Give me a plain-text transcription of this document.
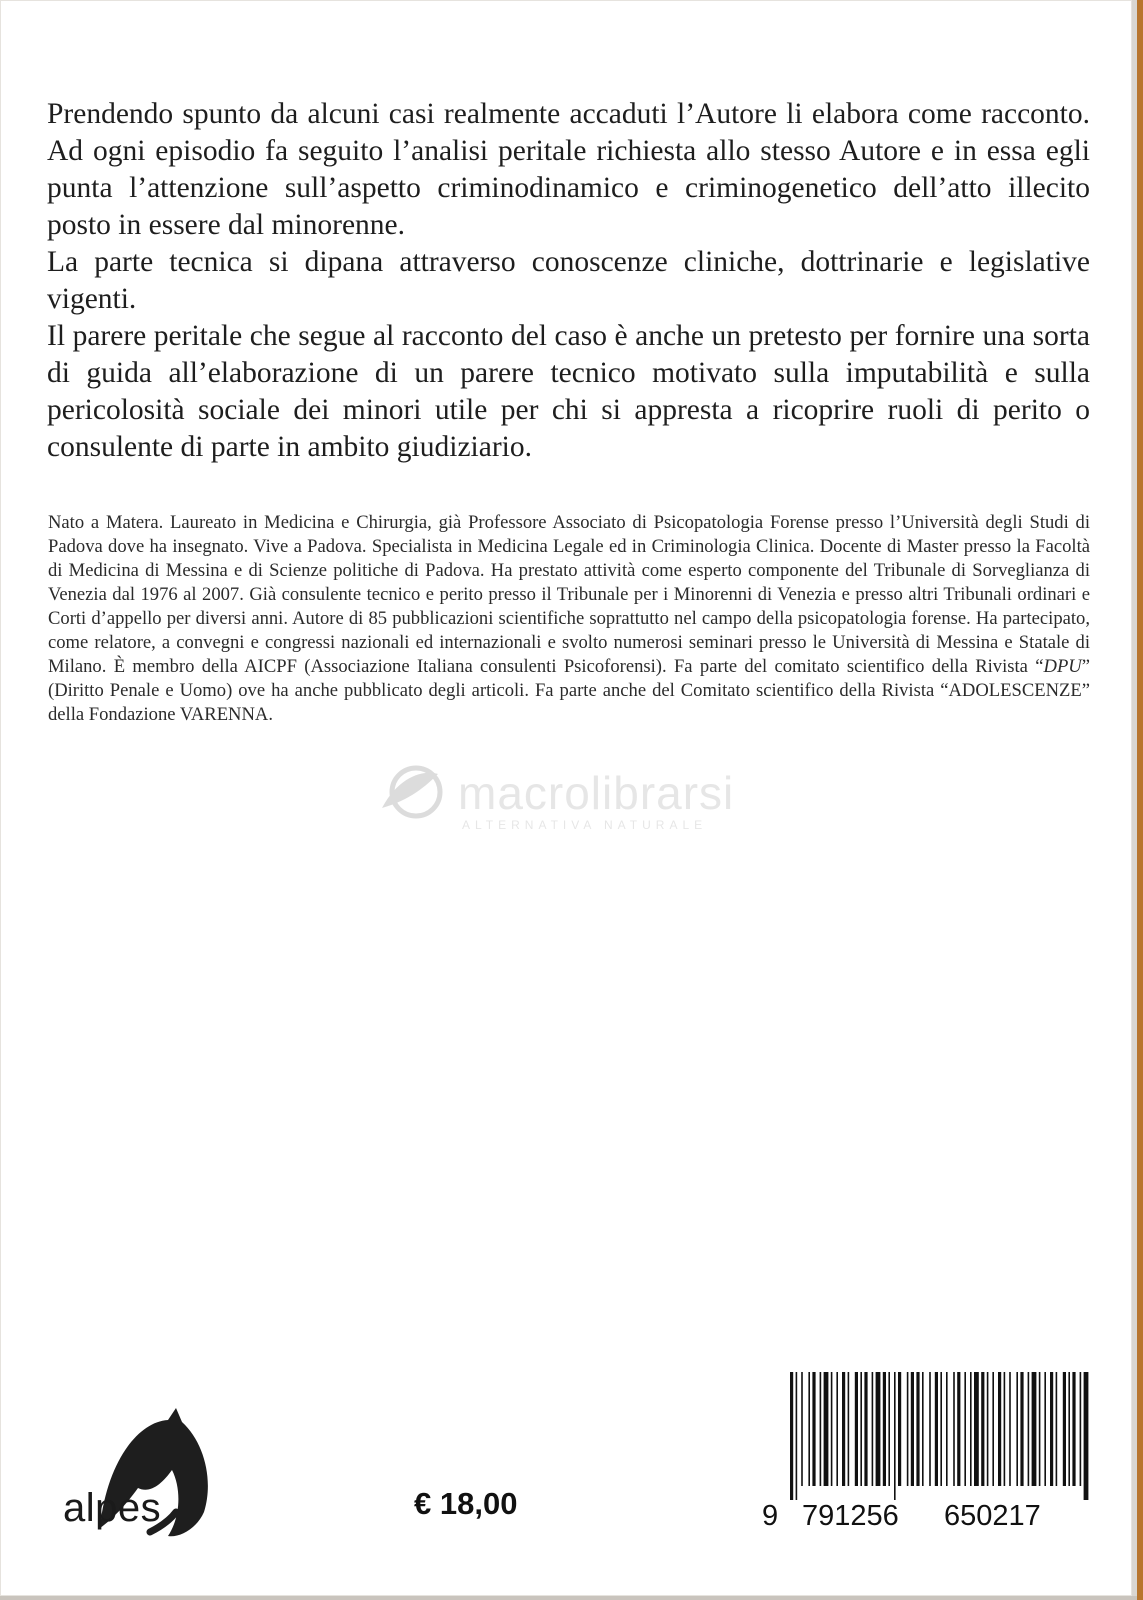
Prendendo spunto da alcuni casi realmente accaduti l’Autore li elabora come racconto. Ad ogni episodio fa seguito l’analisi peritale richiesta allo stesso Autore e in essa egli punta l’attenzione sull’aspetto criminodinamico e criminogenetico dell’atto illecito posto in essere dal minorenne.

La parte tecnica si dipana attraverso conoscenze cliniche, dottrinarie e legislative vigenti.

Il parere peritale che segue al racconto del caso è anche un pretesto per fornire una sorta di guida all’elaborazione di un parere tecnico motivato sulla imputabilità e sulla pericolosità sociale dei minori utile per chi si appresta a ricoprire ruoli di perito o consulente di parte in ambito giudiziario.

Nato a Matera. Laureato in Medicina e Chirurgia, già Professore Associato di Psicopatologia Forense presso l’Università degli Studi di Padova dove ha insegnato. Vive a Padova. Specialista in Medicina Legale ed in Criminologia Clinica. Docente di Master presso la Facoltà di Medicina di Messina e di Scienze politiche di Padova. Ha prestato attività come esperto componente del Tribunale di Sorveglianza di Venezia dal 1976 al 2007. Già consulente tecnico e perito presso il Tribunale per i Minorenni di Venezia e presso altri Tribunali ordinari e Corti d’appello per diversi anni. Autore di 85 pubblicazioni scientifiche soprattutto nel campo della psicopatologia forense. Ha partecipato, come relatore, a convegni e congressi nazionali ed internazionali e svolto numerosi seminari presso le Università di Messina e Statale di Milano. È membro della AICPF (Associazione Italiana consulenti Psicoforensi). Fa parte del comitato scientifico della Rivista “DPU” (Diritto Penale e Uomo) ove ha anche pubblicato degli articoli. Fa parte anche del Comitato scientifico della Rivista “ADOLESCENZE” della Fondazione VARENNA.

macrolibrarsi
ALTERNATIVA NATURALE
alpes	€ 18,00	9 791256 650217
